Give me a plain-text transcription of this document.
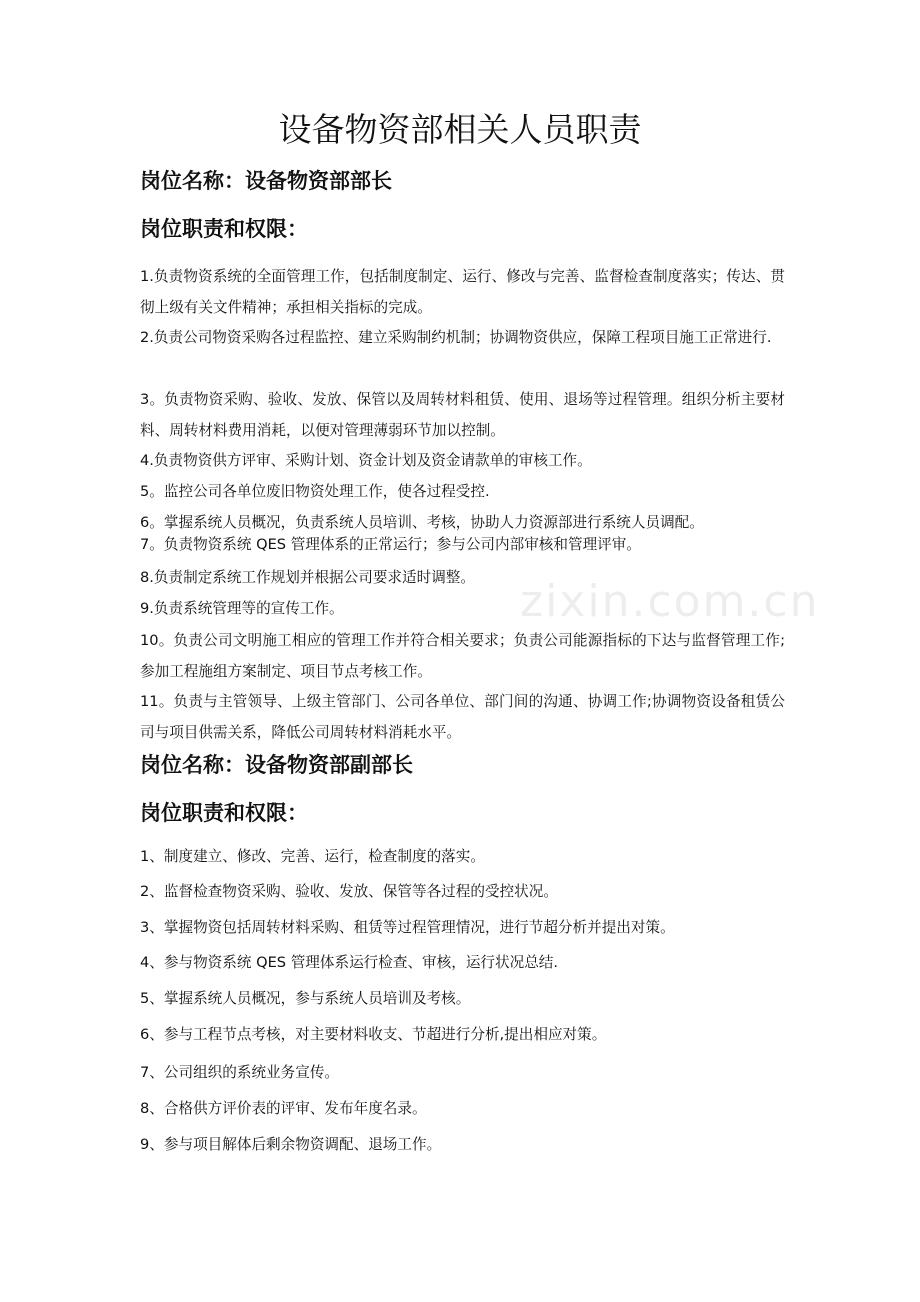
设备物资部相关人员职责
岗位名称：设备物资部部长
岗位职责和权限：

1.负责物资系统的全面管理工作，包括制度制定、运行、修改与完善、监督检查制度落实；传达、贯彻上级有关文件精神；承担相关指标的完成。

2.负责公司物资采购各过程监控、建立采购制约机制；协调物资供应，保障工程项目施工正常进行.

3。负责物资采购、验收、发放、保管以及周转材料租赁、使用、退场等过程管理。组织分析主要材料、周转材料费用消耗，以便对管理薄弱环节加以控制。

4.负责物资供方评审、采购计划、资金计划及资金请款单的审核工作。

5。监控公司各单位废旧物资处理工作，使各过程受控.

6。掌握系统人员概况，负责系统人员培训、考核，协助人力资源部进行系统人员调配。

7。负责物资系统 QES 管理体系的正常运行；参与公司内部审核和管理评审。

8.负责制定系统工作规划并根据公司要求适时调整。

9.负责系统管理等的宣传工作。

10。负责公司文明施工相应的管理工作并符合相关要求；负责公司能源指标的下达与监督管理工作;参加工程施组方案制定、项目节点考核工作。

11。负责与主管领导、上级主管部门、公司各单位、部门间的沟通、协调工作;协调物资设备租赁公司与项目供需关系，降低公司周转材料消耗水平。

岗位名称：设备物资部副部长
岗位职责和权限：

1、制度建立、修改、完善、运行，检查制度的落实。

2、监督检查物资采购、验收、发放、保管等各过程的受控状况。

3、掌握物资包括周转材料采购、租赁等过程管理情况，进行节超分析并提出对策。

4、参与物资系统 QES 管理体系运行检查、审核，运行状况总结.

5、掌握系统人员概况，参与系统人员培训及考核。

6、参与工程节点考核，对主要材料收支、节超进行分析,提出相应对策。

7、公司组织的系统业务宣传。

8、合格供方评价表的评审、发布年度名录。

9、参与项目解体后剩余物资调配、退场工作。

zixin.com.cn
